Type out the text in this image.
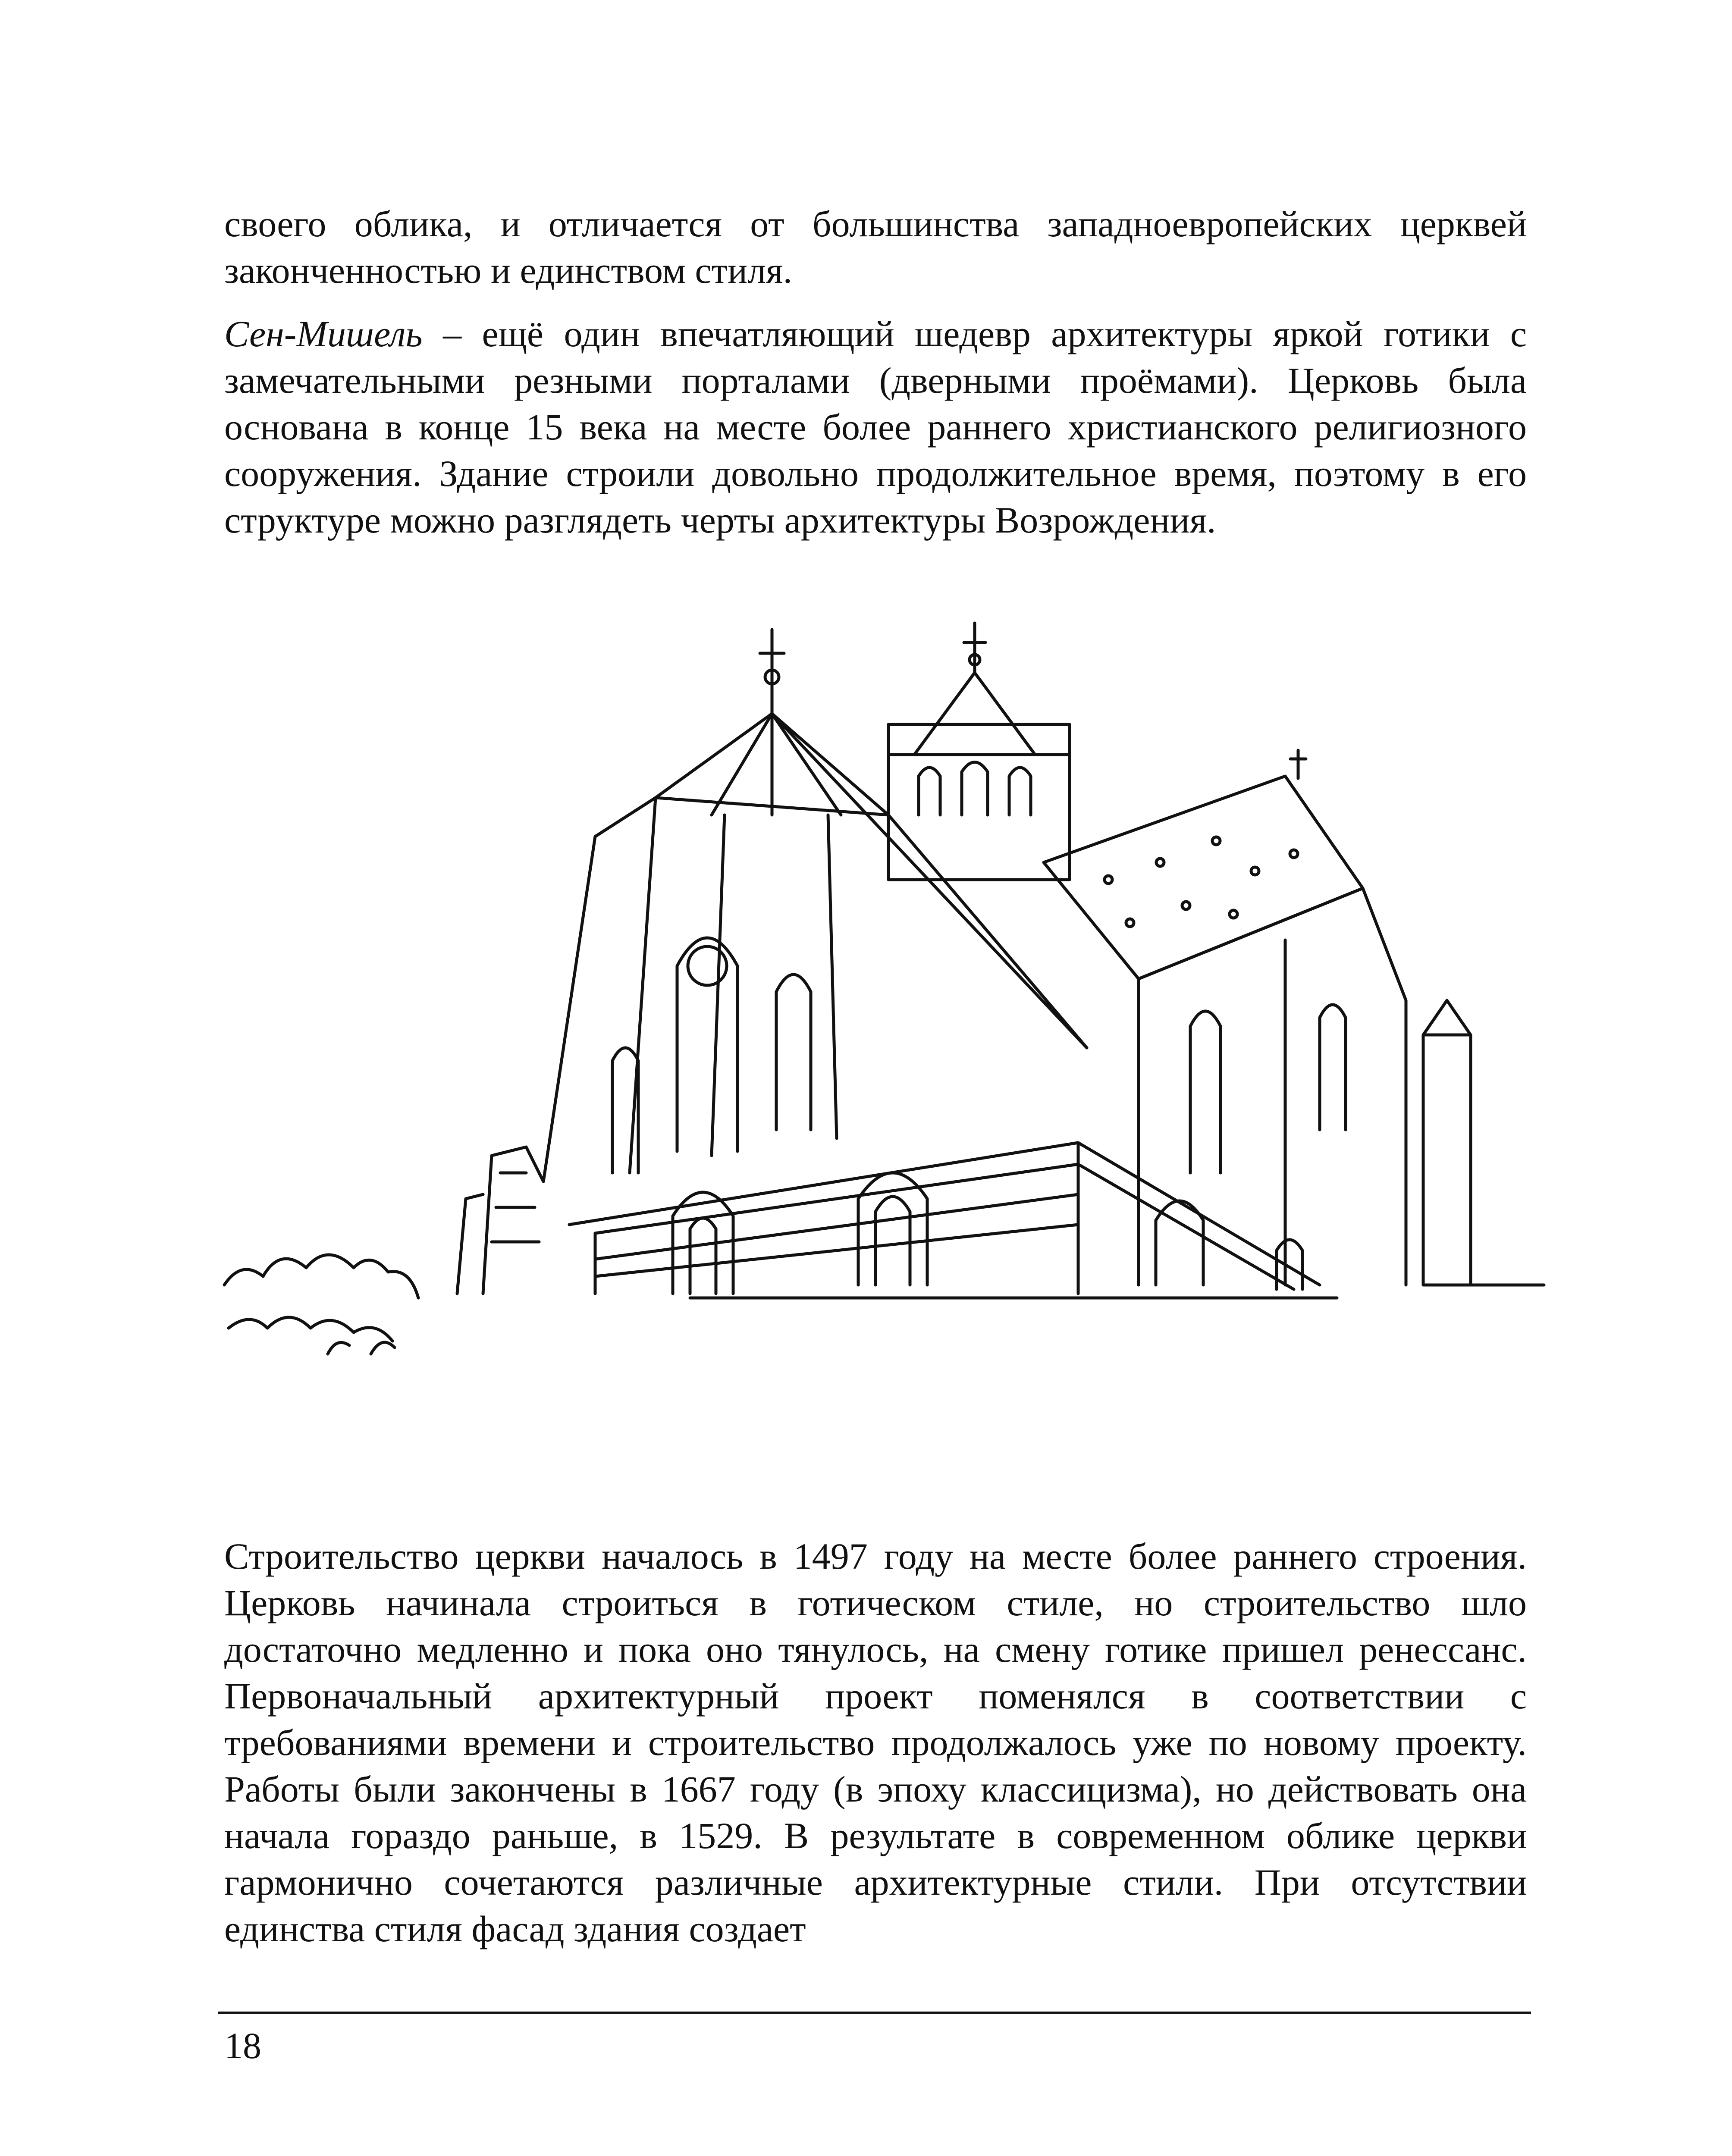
своего облика, и отличается от большинства западноевропейских церквей законченностью и единством стиля.

Сен-Мишель – ещё один впечатляющий шедевр архитектуры яркой готики с замечательными резными порталами (дверными проёмами). Церковь была основана в конце 15 века на месте более раннего христианского религиозного сооружения. Здание строили довольно продолжительное время, поэтому в его структуре можно разглядеть черты архитектуры Возрождения.

Строительство церкви началось в 1497 году на месте более раннего строения. Церковь начинала строиться в готическом стиле, но строительство шло достаточно медленно и пока оно тянулось, на смену готике пришел ренессанс. Первоначальный архитектурный проект поменялся в соответствии с требованиями времени и строительство продолжалось уже по новому проекту. Работы были закончены в 1667 году (в эпоху классицизма), но действовать она начала гораздо раньше, в 1529. В результате в современном облике церкви гармонично сочетаются различные архитектурные стили. При отсутствии единства стиля фасад здания создает

18
